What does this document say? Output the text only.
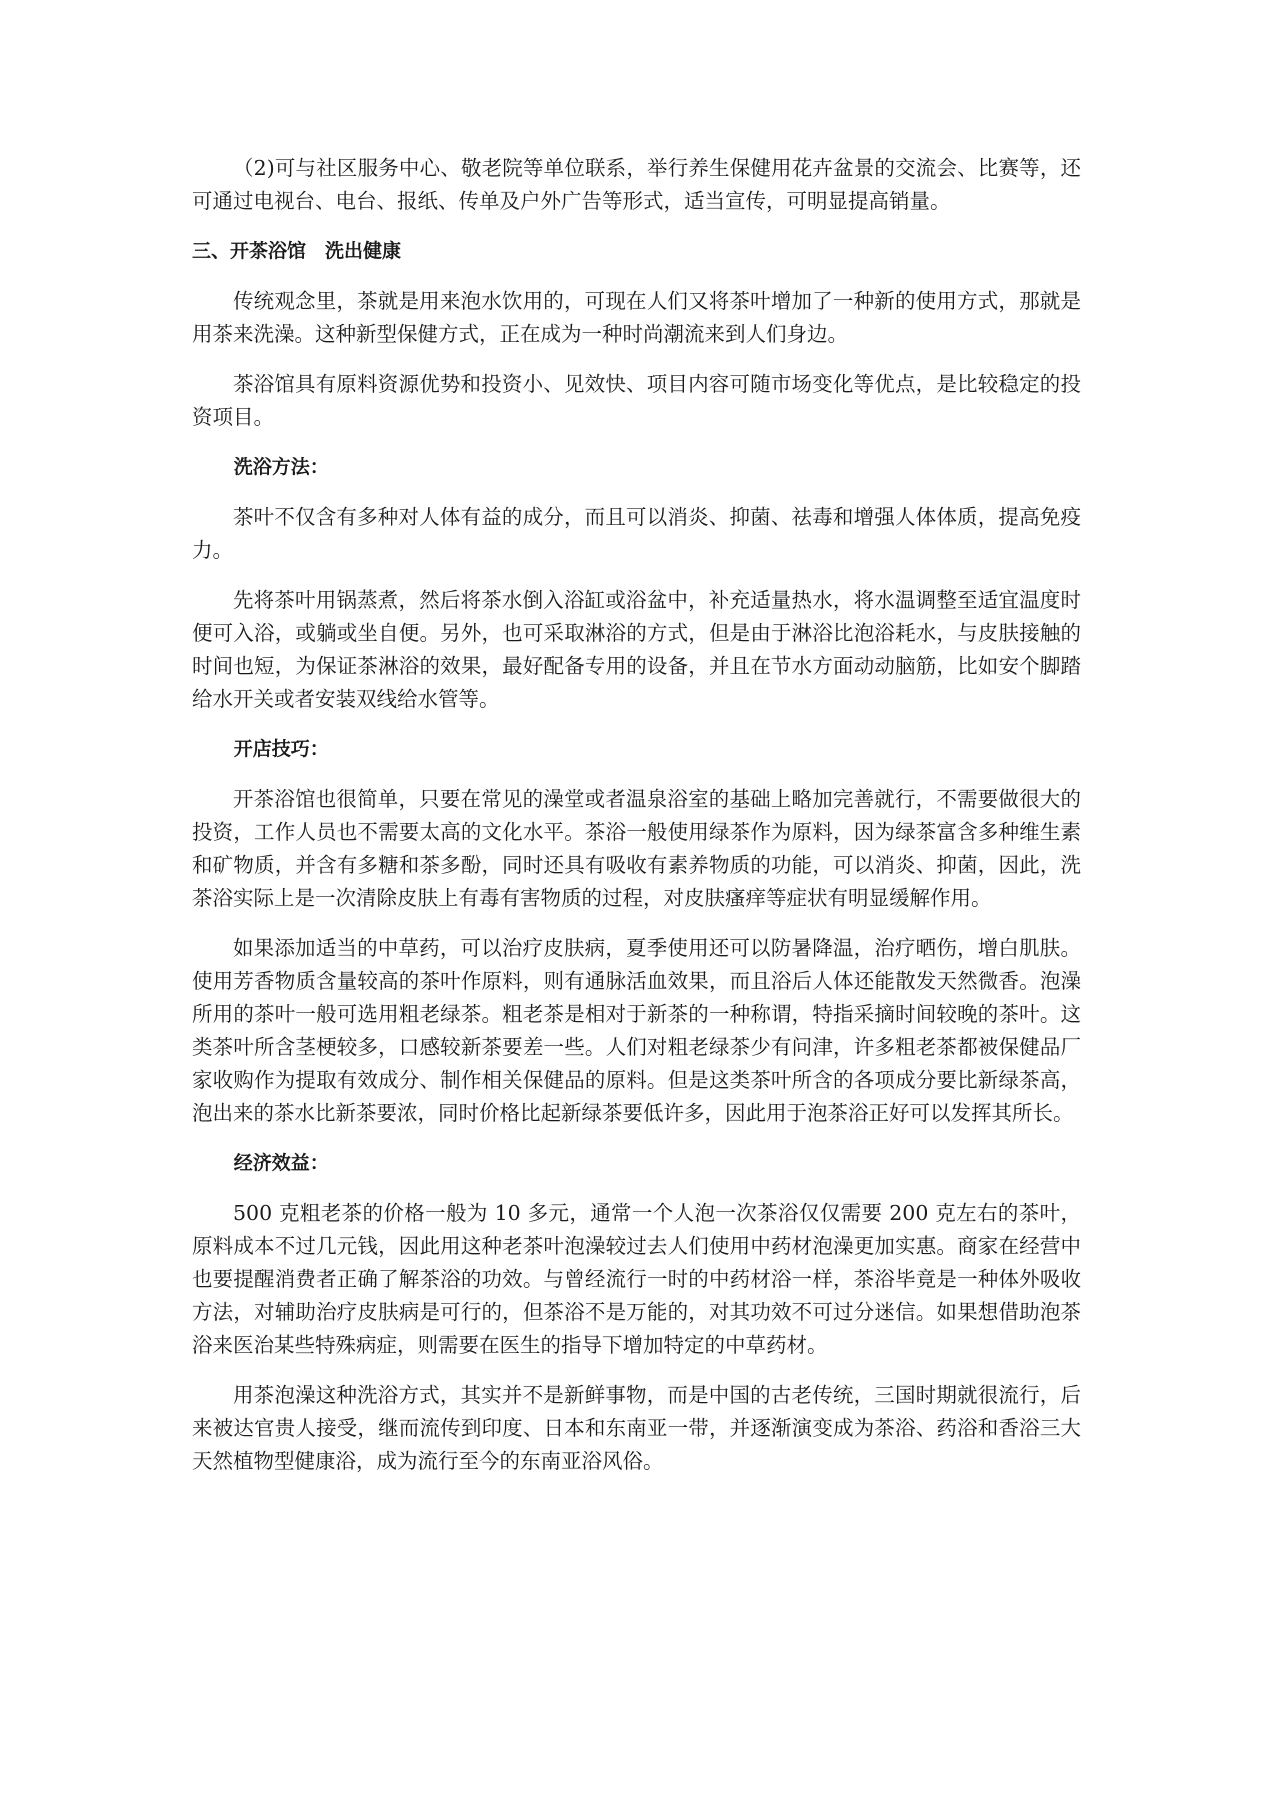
（2)可与社区服务中心、敬老院等单位联系，举行养生保健用花卉盆景的交流会、比赛等，还可通过电视台、电台、报纸、传单及户外广告等形式，适当宣传，可明显提高销量。

三、开茶浴馆　洗出健康

传统观念里，茶就是用来泡水饮用的，可现在人们又将茶叶增加了一种新的使用方式，那就是用茶来洗澡。这种新型保健方式，正在成为一种时尚潮流来到人们身边。

茶浴馆具有原料资源优势和投资小、见效快、项目内容可随市场变化等优点，是比较稳定的投资项目。

洗浴方法：

茶叶不仅含有多种对人体有益的成分，而且可以消炎、抑菌、祛毒和增强人体体质，提高免疫力。

先将茶叶用锅蒸煮，然后将茶水倒入浴缸或浴盆中，补充适量热水，将水温调整至适宜温度时便可入浴，或躺或坐自便。另外，也可采取淋浴的方式，但是由于淋浴比泡浴耗水，与皮肤接触的时间也短，为保证茶淋浴的效果，最好配备专用的设备，并且在节水方面动动脑筋，比如安个脚踏给水开关或者安装双线给水管等。

开店技巧：

开茶浴馆也很简单，只要在常见的澡堂或者温泉浴室的基础上略加完善就行，不需要做很大的投资，工作人员也不需要太高的文化水平。茶浴一般使用绿茶作为原料，因为绿茶富含多种维生素和矿物质，并含有多糖和茶多酚，同时还具有吸收有素养物质的功能，可以消炎、抑菌，因此，洗茶浴实际上是一次清除皮肤上有毒有害物质的过程，对皮肤瘙痒等症状有明显缓解作用。

如果添加适当的中草药，可以治疗皮肤病，夏季使用还可以防暑降温，治疗晒伤，增白肌肤。使用芳香物质含量较高的茶叶作原料，则有通脉活血效果，而且浴后人体还能散发天然微香。泡澡所用的茶叶一般可选用粗老绿茶。粗老茶是相对于新茶的一种称谓，特指采摘时间较晚的茶叶。这类茶叶所含茎梗较多，口感较新茶要差一些。人们对粗老绿茶少有问津，许多粗老茶都被保健品厂家收购作为提取有效成分、制作相关保健品的原料。但是这类茶叶所含的各项成分要比新绿茶高，泡出来的茶水比新茶要浓，同时价格比起新绿茶要低许多，因此用于泡茶浴正好可以发挥其所长。

经济效益：

500 克粗老茶的价格一般为 10 多元，通常一个人泡一次茶浴仅仅需要 200 克左右的茶叶，原料成本不过几元钱，因此用这种老茶叶泡澡较过去人们使用中药材泡澡更加实惠。商家在经营中也要提醒消费者正确了解茶浴的功效。与曾经流行一时的中药材浴一样，茶浴毕竟是一种体外吸收方法，对辅助治疗皮肤病是可行的，但茶浴不是万能的，对其功效不可过分迷信。如果想借助泡茶浴来医治某些特殊病症，则需要在医生的指导下增加特定的中草药材。

用茶泡澡这种洗浴方式，其实并不是新鲜事物，而是中国的古老传统，三国时期就很流行，后来被达官贵人接受，继而流传到印度、日本和东南亚一带，并逐渐演变成为茶浴、药浴和香浴三大天然植物型健康浴，成为流行至今的东南亚浴风俗。
